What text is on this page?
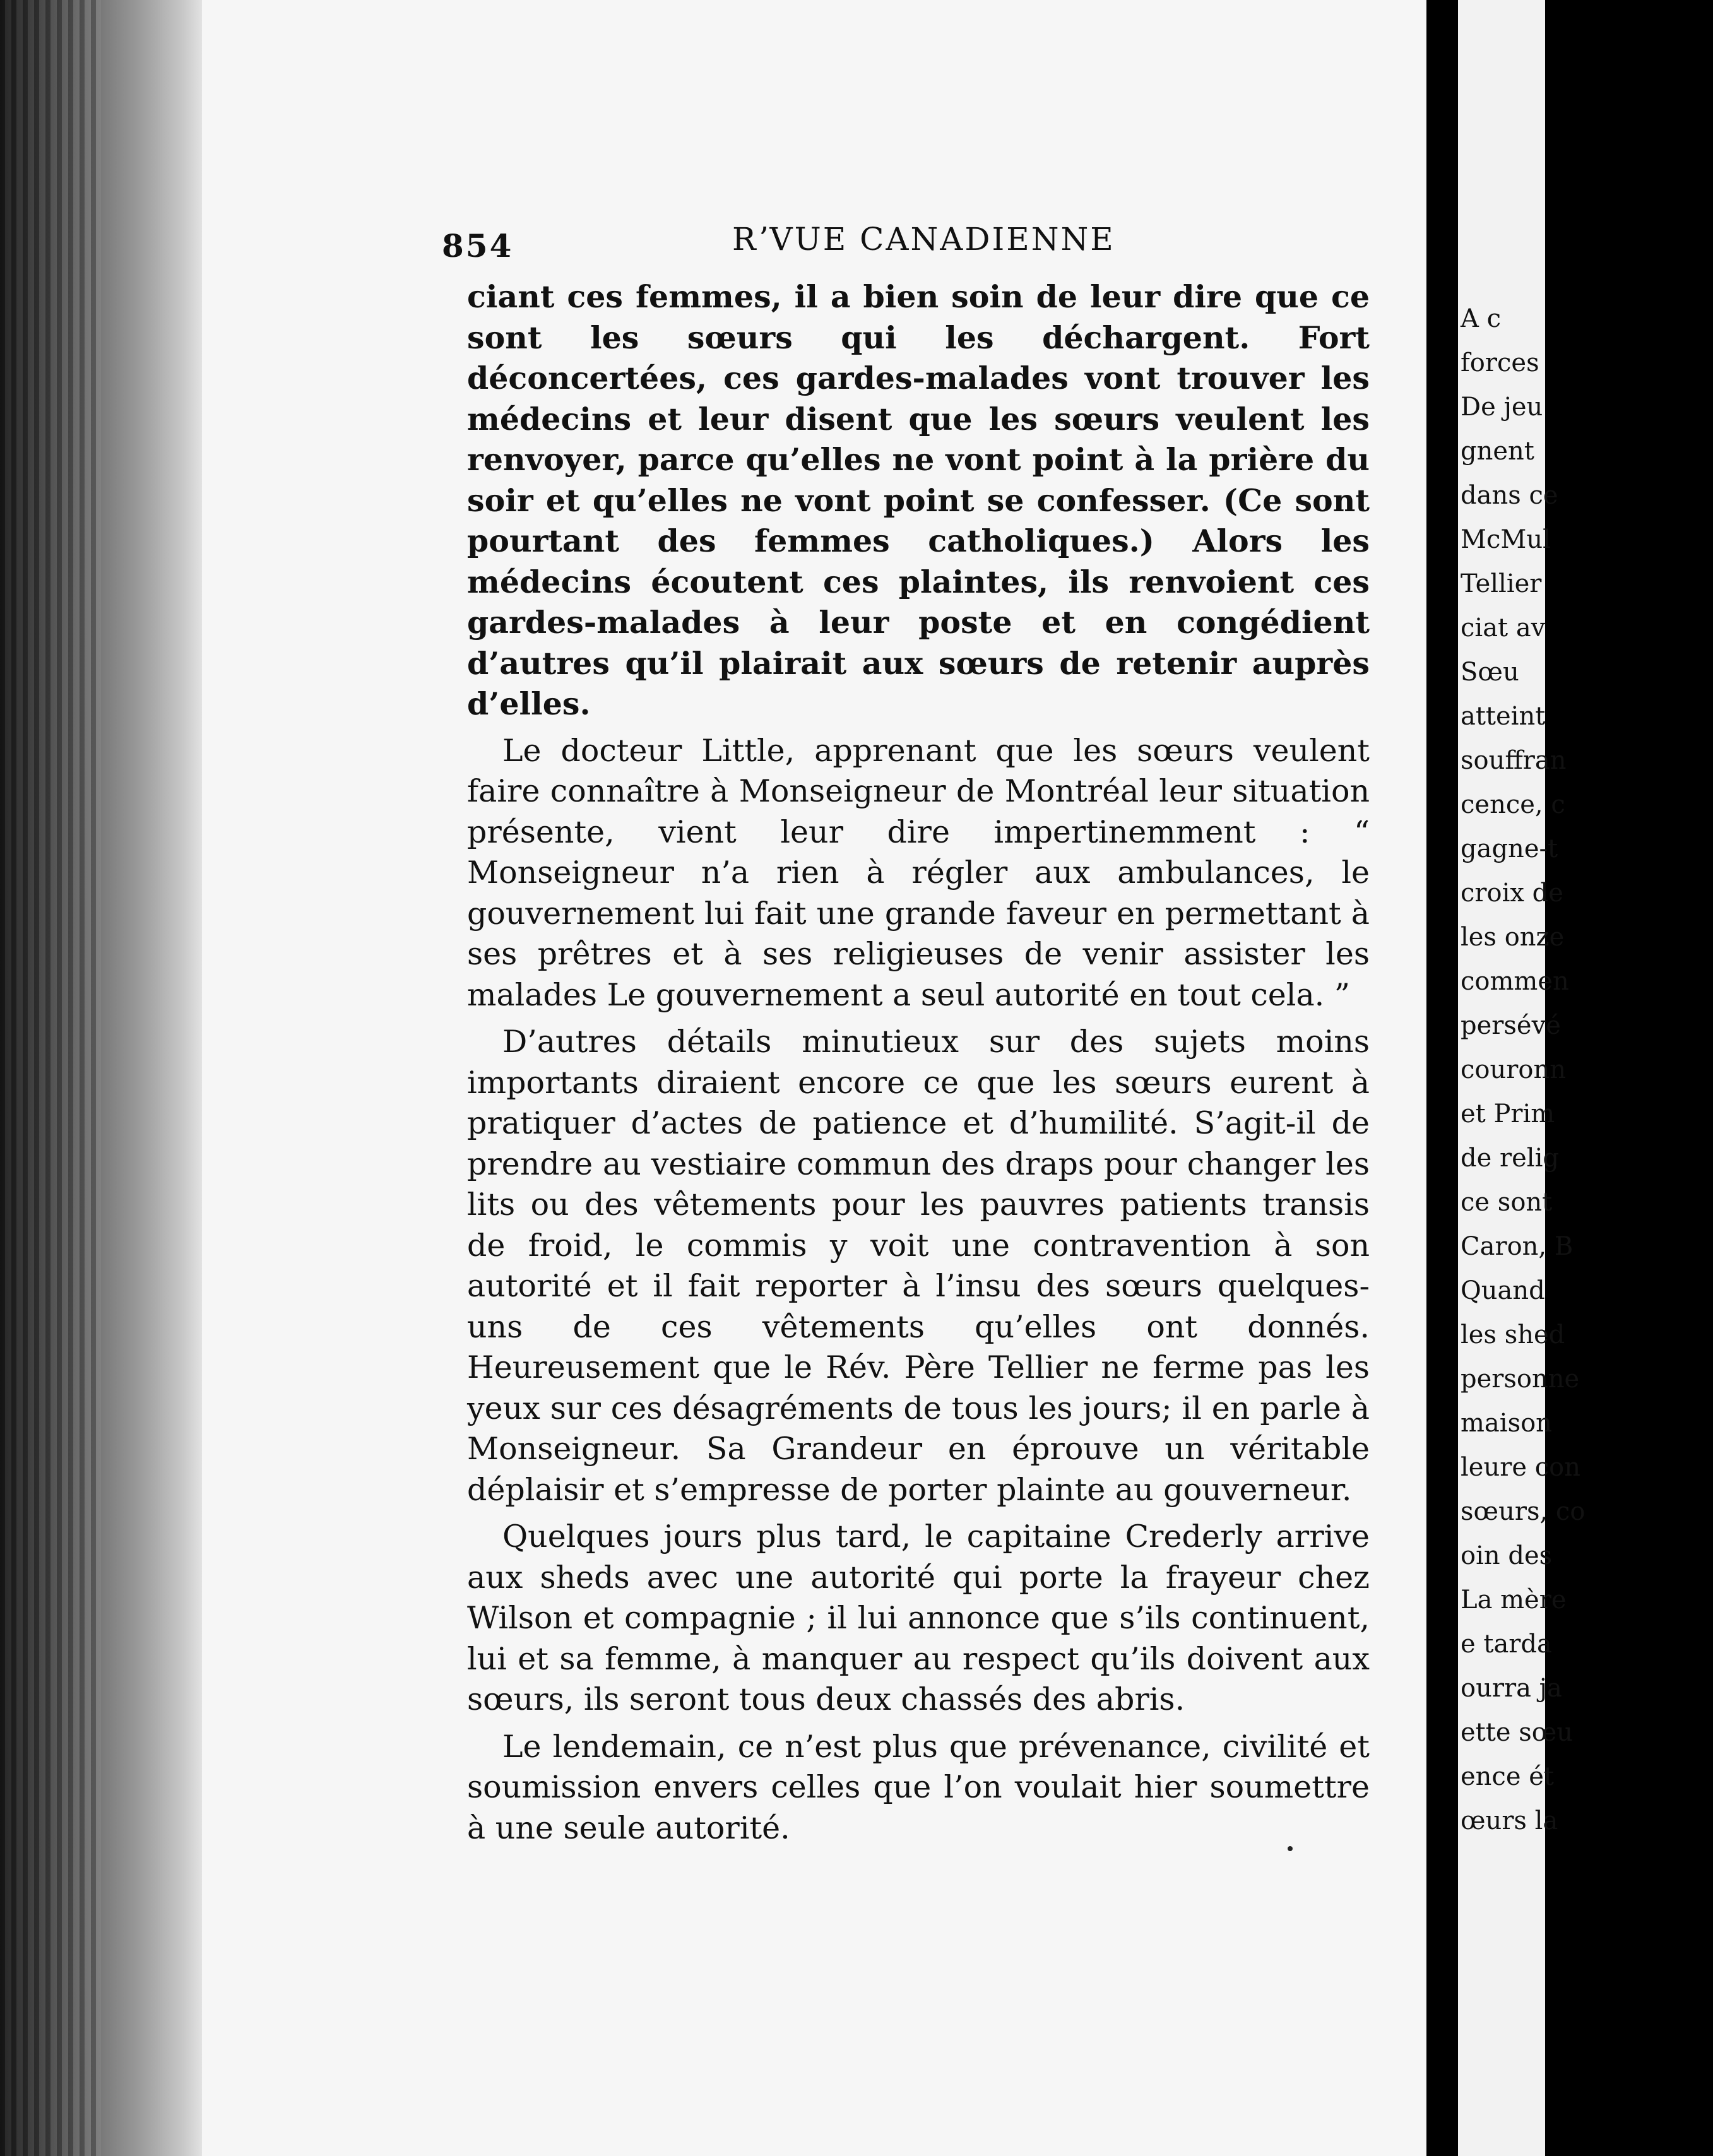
854	RʼVUE CANADIENNE

ciant ces femmes, il a bien soin de leur dire que ce sont les sœurs qui les déchargent. Fort déconcertées, ces gardes-malades vont trouver les médecins et leur disent que les sœurs veulent les renvoyer, parce qu’elles ne vont point à la prière du soir et qu’elles ne vont point se confesser. (Ce sont pourtant des femmes catholiques.) Alors les médecins écoutent ces plaintes, ils renvoient ces gardes-malades à leur poste et en congédient d’autres qu’il plairait aux sœurs de retenir auprès d’elles.

Le docteur Little, apprenant que les sœurs veulent faire connaître à Monseigneur de Montréal leur situation présente, vient leur dire impertinemment : “ Monseigneur n’a rien à régler aux ambulances, le gouvernement lui fait une grande faveur en permettant à ses prêtres et à ses religieuses de venir assister les malades Le gouvernement a seul autorité en tout cela. ”

D’autres détails minutieux sur des sujets moins importants diraient encore ce que les sœurs eurent à pratiquer d’actes de patience et d’humilité. S’agit-il de prendre au vestiaire commun des draps pour changer les lits ou des vêtements pour les pauvres patients transis de froid, le commis y voit une contravention à son autorité et il fait reporter à l’insu des sœurs quelques-uns de ces vêtements qu’elles ont donnés. Heureusement que le Rév. Père Tellier ne ferme pas les yeux sur ces désagréments de tous les jours; il en parle à Monseigneur. Sa Grandeur en éprouve un véritable déplaisir et s’empresse de porter plainte au gouverneur.

Quelques jours plus tard, le capitaine Crederly arrive aux sheds avec une autorité qui porte la frayeur chez Wilson et compagnie ; il lui annonce que s’ils continuent, lui et sa femme, à manquer au respect qu’ils doivent aux sœurs, ils seront tous deux chassés des abris.

Le lendemain, ce n’est plus que prévenance, civilité et soumission envers celles que l’on voulait hier soumettre à une seule autorité.

A c
forces
De jeu
gnent
dans ce
McMul
Tellier
ciat av
Sœu
atteint
souffran
cence, c
gagne-t
croix de
les onze
commen
persévé
couronn
et Prim
de relig
ce sont
Caron, B
Quand
les shed
personne
maison
leure con
sœurs, co
oin des
La mère
e tarda
ourra ja
ette sœu
ence ét
œurs la
